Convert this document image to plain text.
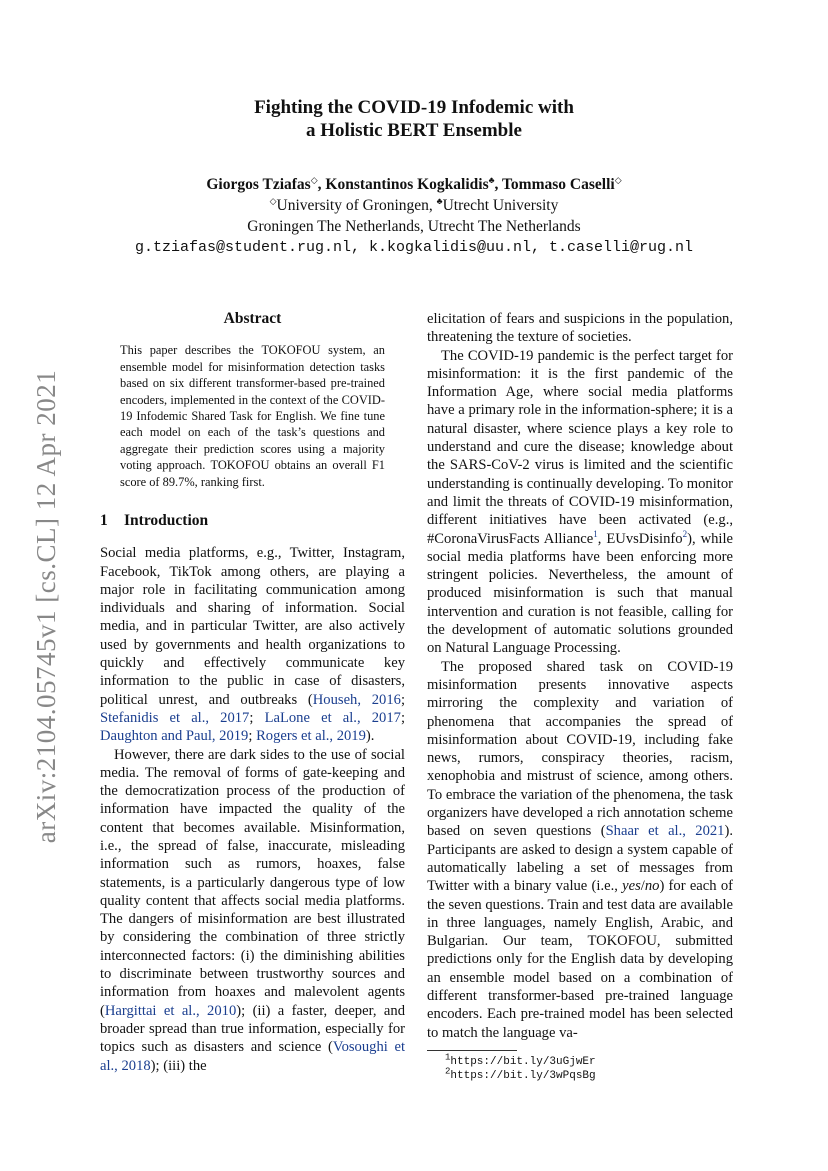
arXiv:2104.05745v1 [cs.CL] 12 Apr 2021
Fighting the COVID-19 Infodemic with
a Holistic BERT Ensemble
Giorgos Tziafas◇, Konstantinos Kogkalidis♣, Tommaso Caselli◇
◇University of Groningen, ♣Utrecht University
Groningen The Netherlands, Utrecht The Netherlands
g.tziafas@student.rug.nl, k.kogkalidis@uu.nl, t.caselli@rug.nl
Abstract
This paper describes the TOKOFOU system, an ensemble model for misinformation detection tasks based on six different transformer-based pre-trained encoders, implemented in the context of the COVID-19 Infodemic Shared Task for English. We fine tune each model on each of the task’s questions and aggregate their prediction scores using a majority voting approach. TOKOFOU obtains an overall F1 score of 89.7%, ranking first.
1 Introduction

Social media platforms, e.g., Twitter, Instagram, Facebook, TikTok among others, are playing a major role in facilitating communication among individuals and sharing of information. Social media, and in particular Twitter, are also actively used by governments and health organizations to quickly and effectively communicate key information to the public in case of disasters, political unrest, and outbreaks (Househ, 2016; Stefanidis et al., 2017; LaLone et al., 2017; Daughton and Paul, 2019; Rogers et al., 2019).

However, there are dark sides to the use of social media. The removal of forms of gate-keeping and the democratization process of the production of information have impacted the quality of the content that becomes available. Misinformation, i.e., the spread of false, inaccurate, misleading information such as rumors, hoaxes, false statements, is a particularly dangerous type of low quality content that affects social media platforms. The dangers of misinformation are best illustrated by considering the combination of three strictly interconnected factors: (i) the diminishing abilities to discriminate between trustworthy sources and information from hoaxes and malevolent agents (Hargittai et al., 2010); (ii) a faster, deeper, and broader spread than true information, especially for topics such as disasters and science (Vosoughi et al., 2018); (iii) the

elicitation of fears and suspicions in the population, threatening the texture of societies.

The COVID-19 pandemic is the perfect target for misinformation: it is the first pandemic of the Information Age, where social media platforms have a primary role in the information-sphere; it is a natural disaster, where science plays a key role to understand and cure the disease; knowledge about the SARS-CoV-2 virus is limited and the scientific understanding is continually developing. To monitor and limit the threats of COVID-19 misinformation, different initiatives have been activated (e.g., #CoronaVirusFacts Alliance$^1$, EUvsDisinfo$^2$), while social media platforms have been enforcing more stringent policies. Nevertheless, the amount of produced misinformation is such that manual intervention and curation is not feasible, calling for the development of automatic solutions grounded on Natural Language Processing.

The proposed shared task on COVID-19 misinformation presents innovative aspects mirroring the complexity and variation of phenomena that accompanies the spread of misinformation about COVID-19, including fake news, rumors, conspiracy theories, racism, xenophobia and mistrust of science, among others. To embrace the variation of the phenomena, the task organizers have developed a rich annotation scheme based on seven questions (Shaar et al., 2021). Participants are asked to design a system capable of automatically labeling a set of messages from Twitter with a binary value (i.e., yes/no) for each of the seven questions. Train and test data are available in three languages, namely English, Arabic, and Bulgarian. Our team, TOKOFOU, submitted predictions only for the English data by developing an ensemble model based on a combination of different transformer-based pre-trained language encoders. Each pre-trained model has been selected to match the language va-

$^1$https://bit.ly/3uGjwEr
$^2$https://bit.ly/3wPqsBg
